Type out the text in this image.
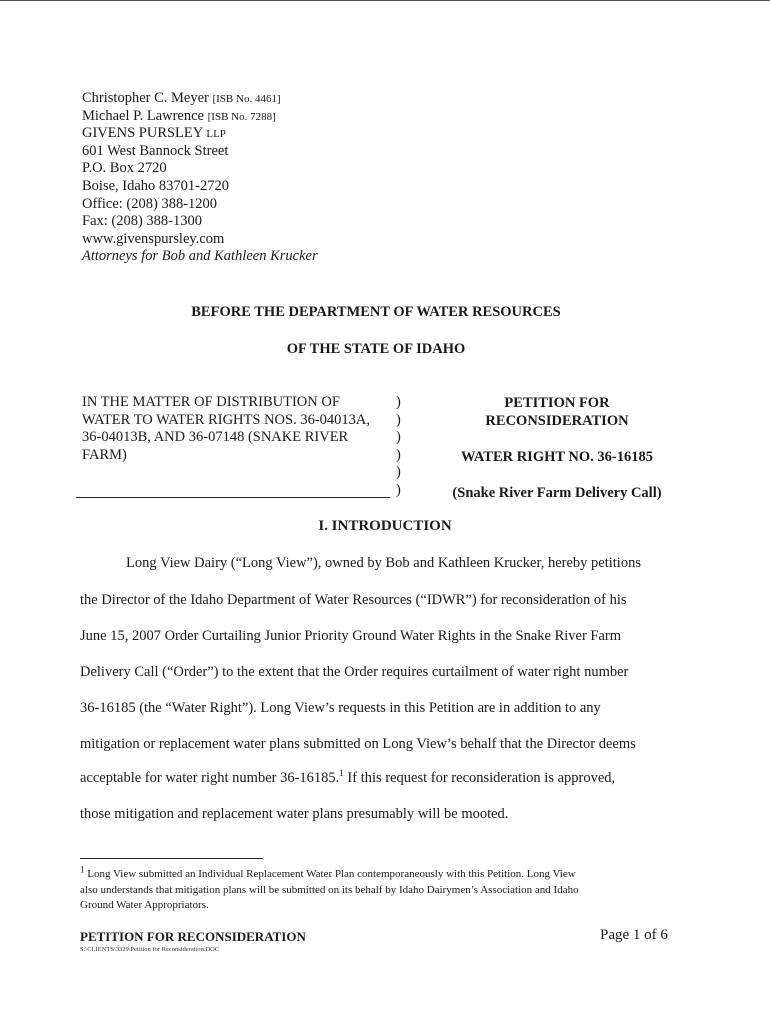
Christopher C. Meyer [ISB No. 4461]
Michael P. Lawrence [ISB No. 7288]
GIVENS PURSLEY LLP
601 West Bannock Street
P.O. Box 2720
Boise, Idaho 83701-2720
Office: (208) 388-1200
Fax: (208) 388-1300
www.givenspursley.com
Attorneys for Bob and Kathleen Krucker
BEFORE THE DEPARTMENT OF WATER RESOURCES
OF THE STATE OF IDAHO
IN THE MATTER OF DISTRIBUTION OF
WATER TO WATER RIGHTS NOS. 36-04013A,
36-04013B, AND 36-07148 (SNAKE RIVER
FARM)
)
)
)
)
)
)
PETITION FOR
RECONSIDERATION
WATER RIGHT NO. 36-16185
(Snake River Farm Delivery Call)
I. INTRODUCTION
Long View Dairy (“Long View”), owned by Bob and Kathleen Krucker, hereby petitions
the Director of the Idaho Department of Water Resources (“IDWR”) for reconsideration of his
June 15, 2007 Order Curtailing Junior Priority Ground Water Rights in the Snake River Farm
Delivery Call (“Order”) to the extent that the Order requires curtailment of water right number
36-16185 (the “Water Right”). Long View’s requests in this Petition are in addition to any
mitigation or replacement water plans submitted on Long View’s behalf that the Director deems
acceptable for water right number 36-16185.$^1$ If this request for reconsideration is approved,
those mitigation and replacement water plans presumably will be mooted.
$^1$ Long View submitted an Individual Replacement Water Plan contemporaneously with this Petition. Long View
also understands that mitigation plans will be submitted on its behalf by Idaho Dairymen’s Association and Idaho
Ground Water Appropriators.
PETITION FOR RECONSIDERATION
S:\CLIENTS\3329\Petition for Reconsideration.DOC
Page 1 of 6
